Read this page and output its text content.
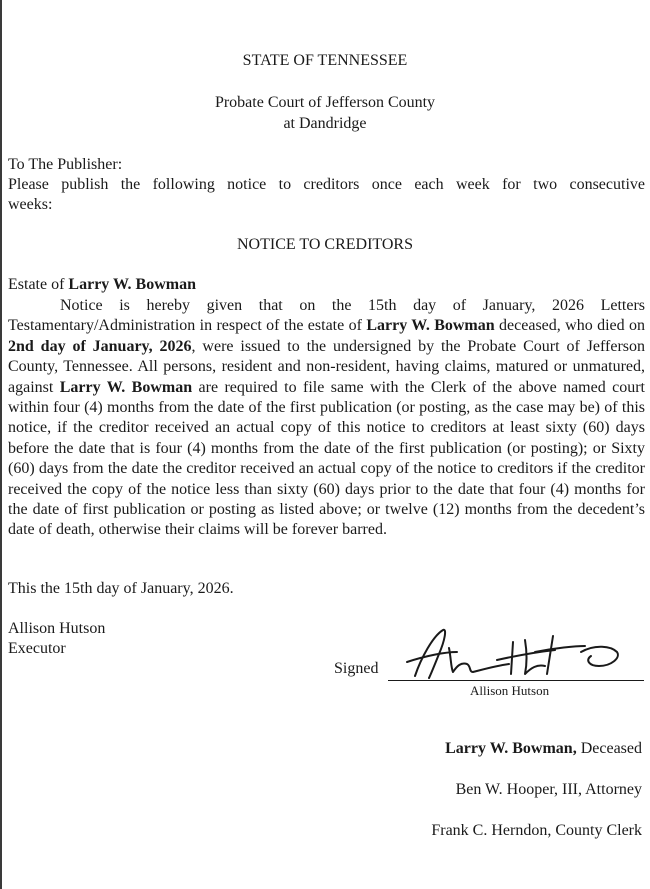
STATE OF TENNESSEE
Probate Court of Jefferson County
at Dandridge
To The Publisher:
Please publish the following notice to creditors once each week for two consecutive
weeks:
NOTICE TO CREDITORS
Estate of Larry W. Bowman
Notice is hereby given that on the 15th day of January, 2026 Letters Testamentary/Administration in respect of the estate of Larry W. Bowman deceased, who died on 2nd day of January, 2026, were issued to the undersigned by the Probate Court of Jefferson County, Tennessee. All persons, resident and non-resident, having claims, matured or unmatured, against Larry W. Bowman are required to file same with the Clerk of the above named court within four (4) months from the date of the first publication (or posting, as the case may be) of this notice, if the creditor received an actual copy of this notice to creditors at least sixty (60) days before the date that is four (4) months from the date of the first publication (or posting); or Sixty (60) days from the date the creditor received an actual copy of the notice to creditors if the creditor received the copy of the notice less than sixty (60) days prior to the date that four (4) months for the date of first publication or posting as listed above; or twelve (12) months from the decedent’s date of death, otherwise their claims will be forever barred.
This the 15th day of January, 2026.
Allison Hutson
Executor
Signed
Allison Hutson
Larry W. Bowman, Deceased
Ben W. Hooper, III, Attorney
Frank C. Herndon, County Clerk
